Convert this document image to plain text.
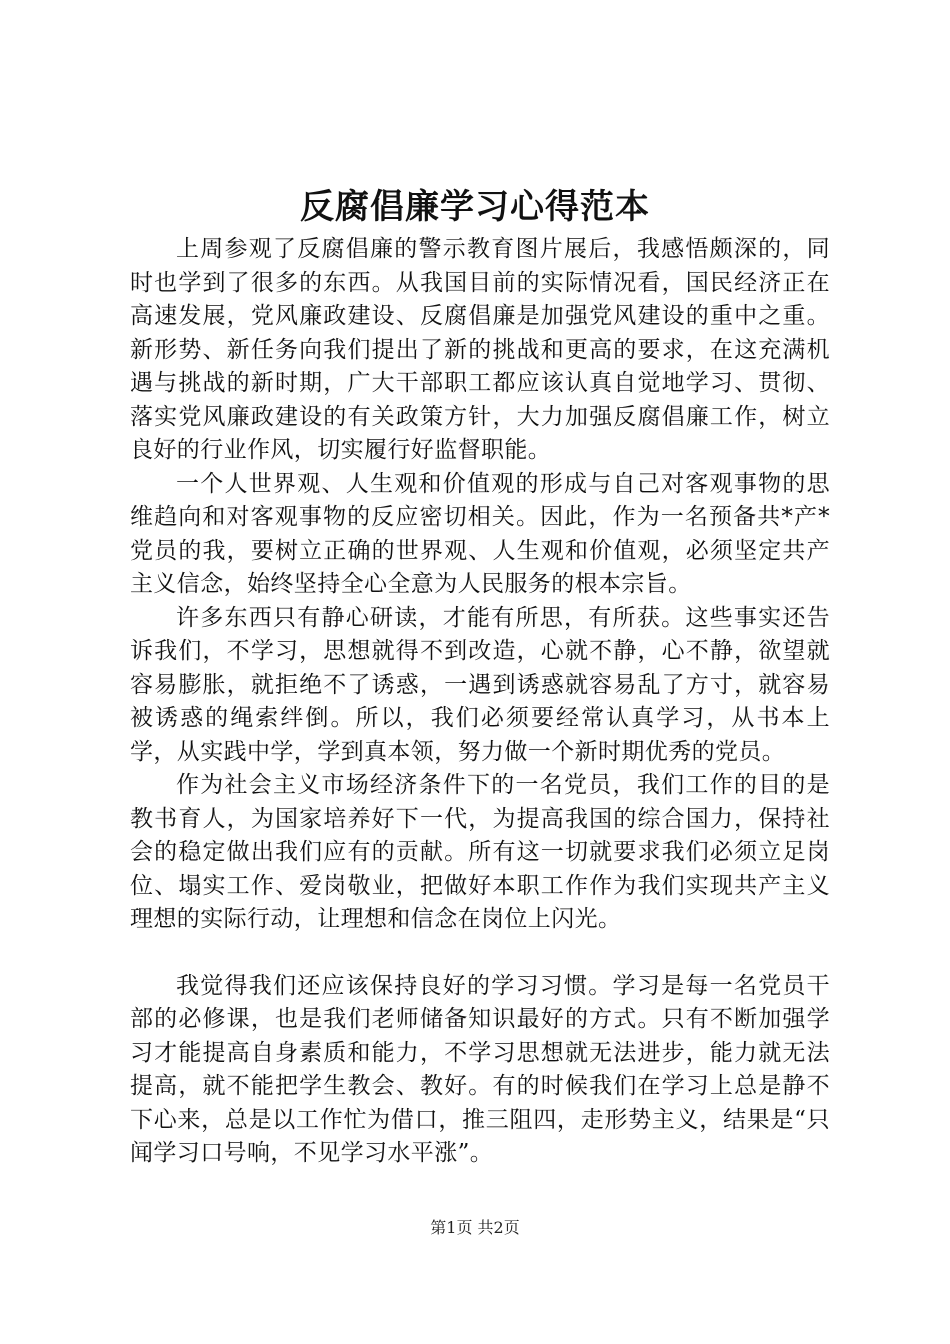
反腐倡廉学习心得范本

上周参观了反腐倡廉的警示教育图片展后，我感悟颇深的，同时也学到了很多的东西。从我国目前的实际情况看，国民经济正在高速发展，党风廉政建设、反腐倡廉是加强党风建设的重中之重。新形势、新任务向我们提出了新的挑战和更高的要求，在这充满机遇与挑战的新时期，广大干部职工都应该认真自觉地学习、贯彻、落实党风廉政建设的有关政策方针，大力加强反腐倡廉工作，树立良好的行业作风，切实履行好监督职能。

一个人世界观、人生观和价值观的形成与自己对客观事物的思维趋向和对客观事物的反应密切相关。因此，作为一名预备共*产*党员的我，要树立正确的世界观、人生观和价值观，必须坚定共产主义信念，始终坚持全心全意为人民服务的根本宗旨。

许多东西只有静心研读，才能有所思，有所获。这些事实还告诉我们，不学习，思想就得不到改造，心就不静，心不静，欲望就容易膨胀，就拒绝不了诱惑，一遇到诱惑就容易乱了方寸，就容易被诱惑的绳索绊倒。所以，我们必须要经常认真学习，从书本上学，从实践中学，学到真本领，努力做一个新时期优秀的党员。

作为社会主义市场经济条件下的一名党员，我们工作的目的是教书育人，为国家培养好下一代，为提高我国的综合国力，保持社会的稳定做出我们应有的贡献。所有这一切就要求我们必须立足岗位、塌实工作、爱岗敬业，把做好本职工作作为我们实现共产主义理想的实际行动，让理想和信念在岗位上闪光。

我觉得我们还应该保持良好的学习习惯。学习是每一名党员干部的必修课，也是我们老师储备知识最好的方式。只有不断加强学习才能提高自身素质和能力，不学习思想就无法进步，能力就无法提高，就不能把学生教会、教好。有的时候我们在学习上总是静不下心来，总是以工作忙为借口，推三阻四，走形势主义，结果是“只闻学习口号响，不见学习水平涨”。

第1页 共2页
